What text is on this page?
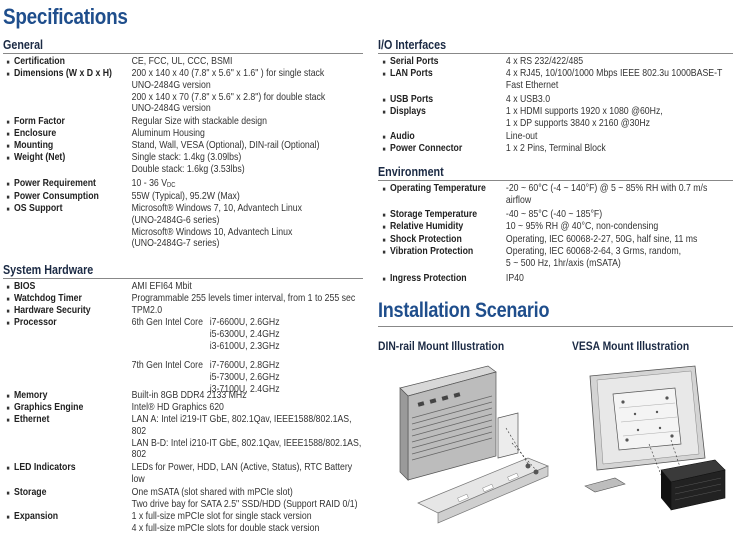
Specifications
General
■ Certification	CE, FCC, UL, CCC, BSMI
■ Dimensions (W x D x H) 200 x 140 x 40 (7.8" x 5.6" x 1.6" ) for single stack
UNO-2484G version
200 x 140 x 70 (7.8" x 5.6" x 2.8") for double stack
UNO-2484G version
■ Form Factor	Regular Size with stackable design
■ Enclosure	Aluminum Housing
■ Mounting	Stand, Wall, VESA (Optional), DIN-rail (Optional)
■ Weight (Net)	Single stack: 1.4kg (3.09lbs)
Double stack: 1.6kg (3.53lbs)
■ Power Requirement	10 - 36 VDC
■ Power Consumption	55W (Typical), 95.2W (Max)
■ OS Support	Microsoft® Windows 7, 10, Advantech Linux
(UNO-2484G-6 series)
Microsoft® Windows 10, Advantech Linux
(UNO-2484G-7 series)
System Hardware
■ BIOS	AMI EFI64 Mbit
■ Watchdog Timer	Programmable 255 levels timer interval, from 1 to 255 sec
■ Hardware Security	TPM2.0
■ Processor	6th Gen Intel Core i7-6600U, 2.6GHz
i5-6300U, 2.4GHz
i3-6100U, 2.3GHz
7th Gen Intel Core i7-7600U, 2.8GHz
i5-7300U, 2.6GHz
i3-7100U, 2.4GHz
■ Memory	Built-in 8GB DDR4 2133 MHz
■ Graphics Engine	Intel® HD Graphics 620
■ Ethernet	LAN A: Intel i219-IT GbE, 802.1Qav, IEEE1588/802.1AS,
802
LAN B-D: Intel i210-IT GbE, 802.1Qav, IEEE1588/802.1AS,
802
■ LED Indicators	LEDs for Power, HDD, LAN (Active, Status), RTC Battery
low
■ Storage	One mSATA (slot shared with mPCIe slot)
Two drive bay for SATA 2.5" SSD/HDD (Support RAID 0/1)
■ Expansion	1 x full-size mPCIe slot for single stack version
4 x full-size mPCIe slots for double stack version
I/O Interfaces
■ Serial Ports	4 x RS 232/422/485
■ LAN Ports	4 x RJ45, 10/100/1000 Mbps IEEE 802.3u 1000BASE-T
Fast Ethernet
■ USB Ports	4 x USB3.0
■ Displays	1 x HDMI supports 1920 x 1080 @60Hz,
1 x DP supports 3840 x 2160 @30Hz
■ Audio	Line-out
■ Power Connector	1 x 2 Pins, Terminal Block
Environment
■ Operating Temperature -20 ~ 60°C (-4 ~ 140°F) @ 5 ~ 85% RH with 0.7 m/s
airflow
■ Storage Temperature	-40 ~ 85°C (-40 ~ 185°F)
■ Relative Humidity	10 ~ 95% RH @ 40°C, non-condensing
■ Shock Protection	Operating, IEC 60068-2-27, 50G, half sine, 11 ms
■ Vibration Protection	Operating, IEC 60068-2-64, 3 Grms, random,
5 ~ 500 Hz, 1hr/axis (mSATA)
■ Ingress Protection	IP40
Installation Scenario
DIN-rail Mount Illustration	VESA Mount Illustration
